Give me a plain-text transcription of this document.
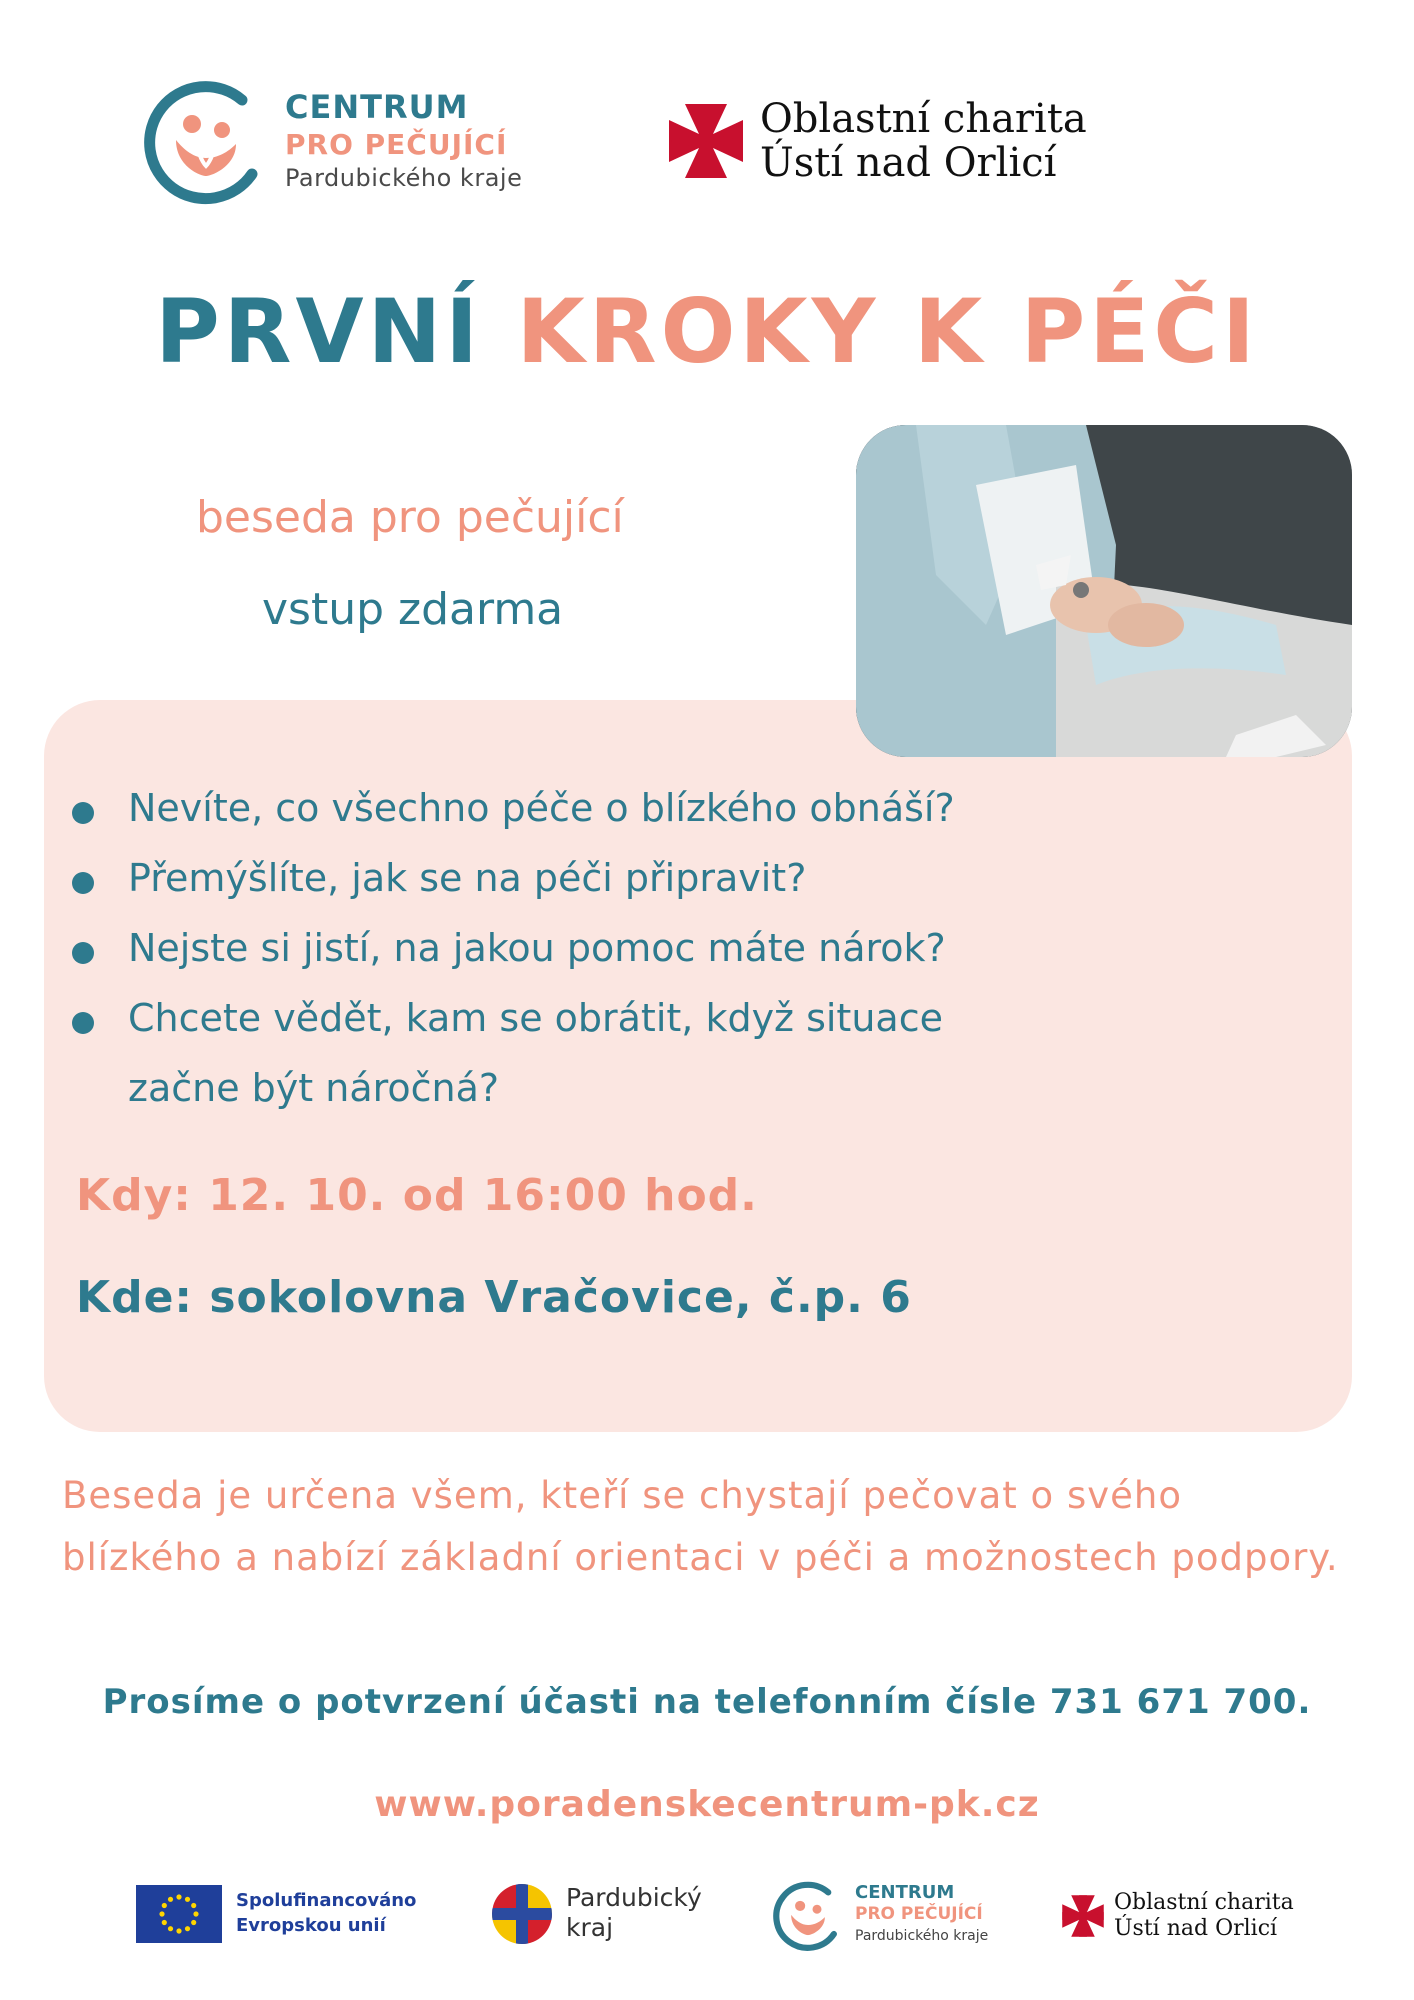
CENTRUM
PRO PEČUJÍCÍ
Pardubického kraje
Oblastní charita
Ústí nad Orlicí
PRVNÍ KROKY K PÉČI
beseda pro pečující
vstup zdarma
Nevíte, co všechno péče o blízkého obnáší?
Přemýšlíte, jak se na péči připravit?
Nejste si jistí, na jakou pomoc máte nárok?
Chcete vědět, kam se obrátit, když situace
začne být náročná?
Kdy: 12. 10. od 16:00 hod.
Kde: sokolovna Vračovice, č.p. 6
Beseda je určena všem, kteří se chystají pečovat o svého blízkého a nabízí základní orientaci v péči a možnostech podpory.
Prosíme o potvrzení účasti na telefonním čísle 731 671 700.
www.poradenskecentrum-pk.cz
Spolufinancováno
Evropskou unií
Pardubický
kraj
CENTRUM
PRO PEČUJÍCÍ
Pardubického kraje
Oblastní charita
Ústí nad Orlicí
